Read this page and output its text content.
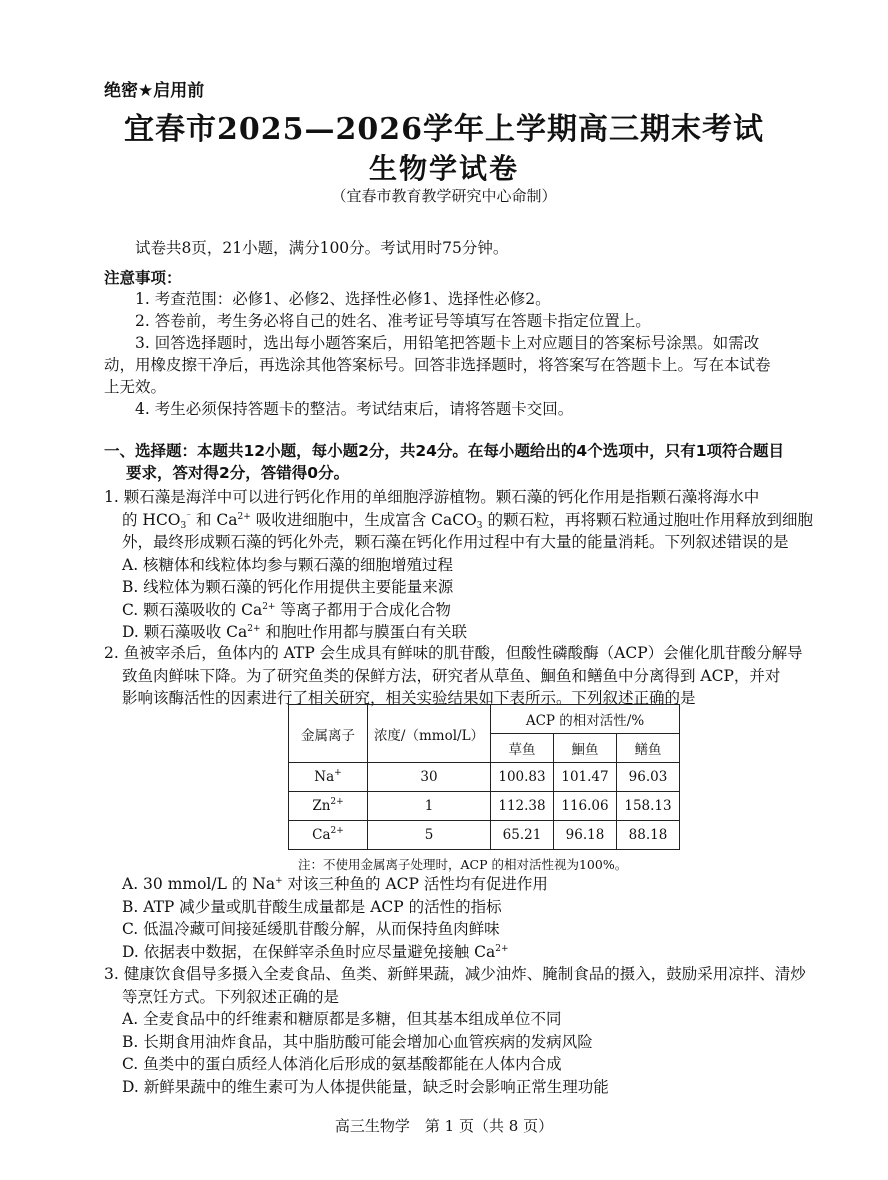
绝密★启用前
宜春市2025—2026学年上学期高三期末考试
生物学试卷
（宜春市教育教学研究中心命制）
试卷共8页，21小题，满分100分。考试用时75分钟。
注意事项：
1. 考查范围：必修1、必修2、选择性必修1、选择性必修2。
2. 答卷前，考生务必将自己的姓名、准考证号等填写在答题卡指定位置上。
3. 回答选择题时，选出每小题答案后，用铅笔把答题卡上对应题目的答案标号涂黑。如需改
动，用橡皮擦干净后，再选涂其他答案标号。回答非选择题时，将答案写在答题卡上。写在本试卷
上无效。
4. 考生必须保持答题卡的整洁。考试结束后，请将答题卡交回。
一、选择题：本题共12小题，每小题2分，共24分。在每小题给出的4个选项中，只有1项符合题目
要求，答对得2分，答错得0分。
1. 颗石藻是海洋中可以进行钙化作用的单细胞浮游植物。颗石藻的钙化作用是指颗石藻将海水中
的 $HCO_3^{^-}$ 和 $Ca^{2+}$ 吸收进细胞中，生成富含 CaCO$_3$ 的颗石粒，再将颗石粒通过胞吐作用释放到细胞
外，最终形成颗石藻的钙化外壳，颗石藻在钙化作用过程中有大量的能量消耗。下列叙述错误的是
A. 核糖体和线粒体均参与颗石藻的细胞增殖过程
B. 线粒体为颗石藻的钙化作用提供主要能量来源
C. 颗石藻吸收的 $Ca^{2+}$ 等离子都用于合成化合物
D. 颗石藻吸收 $Ca^{2+}$ 和胞吐作用都与膜蛋白有关联
2. 鱼被宰杀后，鱼体内的 ATP 会生成具有鲜味的肌苷酸，但酸性磷酸酶（ACP）会催化肌苷酸分解导
致鱼肉鲜味下降。为了研究鱼类的保鲜方法，研究者从草鱼、鮰鱼和鳝鱼中分离得到 ACP，并对
影响该酶活性的因素进行了相关研究，相关实验结果如下表所示。下列叙述正确的是
金属离子	浓度/（mmol/L）	ACP 的相对活性/%		
		草鱼	鮰鱼	鳝鱼
Na+	30	100.83	101.47	96.03
$Zn^{2+}$	1	112.38	116.06	158.13
$Ca^{2+}$	5	65.21	96.18	88.18
注：不使用金属离子处理时，ACP 的相对活性视为100%。
A. 30 mmol/L 的 Na+ 对该三种鱼的 ACP 活性均有促进作用
B. ATP 减少量或肌苷酸生成量都是 ACP 的活性的指标
C. 低温冷藏可间接延缓肌苷酸分解，从而保持鱼肉鲜味
D. 依据表中数据，在保鲜宰杀鱼时应尽量避免接触 $Ca^{2+}$
3. 健康饮食倡导多摄入全麦食品、鱼类、新鲜果蔬，减少油炸、腌制食品的摄入，鼓励采用凉拌、清炒
等烹饪方式。下列叙述正确的是
A. 全麦食品中的纤维素和糖原都是多糖，但其基本组成单位不同
B. 长期食用油炸食品，其中脂肪酸可能会增加心血管疾病的发病风险
C. 鱼类中的蛋白质经人体消化后形成的氨基酸都能在人体内合成
D. 新鲜果蔬中的维生素可为人体提供能量，缺乏时会影响正常生理功能
高三生物学　第 1 页（共 8 页）
